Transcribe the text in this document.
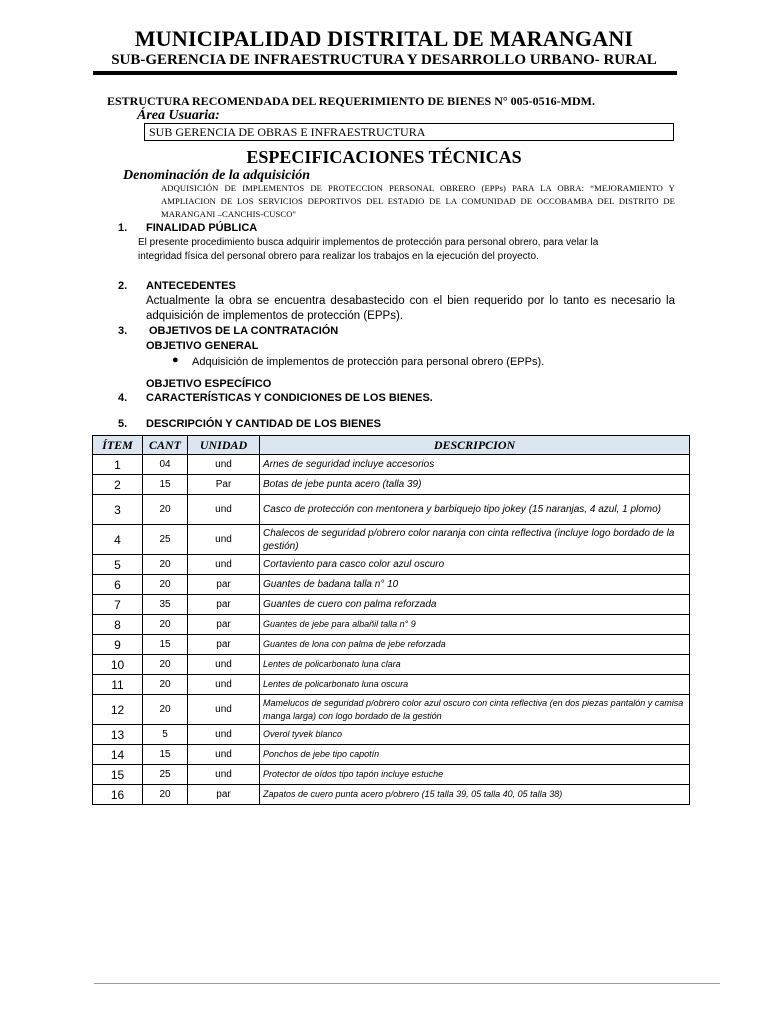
MUNICIPALIDAD DISTRITAL DE MARANGANI
SUB-GERENCIA DE INFRAESTRUCTURA Y DESARROLLO URBANO- RURAL
ESTRUCTURA RECOMENDADA DEL REQUERIMIENTO DE BIENES N° 005-0516-MDM.
Área Usuaria:
SUB GERENCIA DE OBRAS E INFRAESTRUCTURA
ESPECIFICACIONES TÉCNICAS
Denominación de la adquisición
ADQUISICIÓN DE IMPLEMENTOS DE PROTECCION PERSONAL OBRERO (EPPs) PARA LA OBRA: “MEJORAMIENTO Y AMPLIACION DE LOS SERVICIOS DEPORTIVOS DEL ESTADIO DE LA COMUNIDAD DE OCCOBAMBA DEL DISTRITO DE MARANGANI –CANCHIS-CUSCO"
1. FINALIDAD PÚBLICA
El presente procedimiento busca adquirir implementos de protección para personal obrero, para velar la integridad física del personal obrero para realizar los trabajos en la ejecución del proyecto.
2. ANTECEDENTES
Actualmente la obra se encuentra desabastecido con el bien requerido por lo tanto es necesario la adquisición de implementos de protección (EPPs).
3. OBJETIVOS DE LA CONTRATACIÓN
OBJETIVO GENERAL
● Adquisición de implementos de protección para personal obrero (EPPs).
OBJETIVO ESPECÍFICO
4. CARACTERÍSTICAS Y CONDICIONES DE LOS BIENES.
5. DESCRIPCIÓN Y CANTIDAD DE LOS BIENES
ÍTEM	CANT	UNIDAD	DESCRIPCION
1	04	und	Arnes de seguridad incluye accesorios
2	15	Par	Botas de jebe punta acero (talla 39)
3	20	und	Casco de protección con mentonera y barbiquejo tipo jokey (15 naranjas, 4 azul, 1 plomo)
4	25	und	Chalecos de seguridad p/obrero color naranja con cinta reflectiva (incluye logo bordado de la gestión)
5	20	und	Cortaviento para casco color azul oscuro
6	20	par	Guantes de badana talla n° 10
7	35	par	Guantes de cuero con palma reforzada
8	20	par	Guantes de jebe para albañil talla n° 9
9	15	par	Guantes de lona con palma de jebe reforzada
10	20	und	Lentes de policarbonato luna clara
11	20	und	Lentes de policarbonato luna oscura
12	20	und	Mamelucos de seguridad p/obrero color azul oscuro con cinta reflectiva (en dos piezas pantalón y camisa manga larga) con logo bordado de la gestión
13	5	und	Overol tyvek blanco
14	15	und	Ponchos de jebe tipo capotín
15	25	und	Protector de oídos tipo tapón incluye estuche
16	20	par	Zapatos de cuero punta acero p/obrero (15 talla 39, 05 talla 40, 05 talla 38)
